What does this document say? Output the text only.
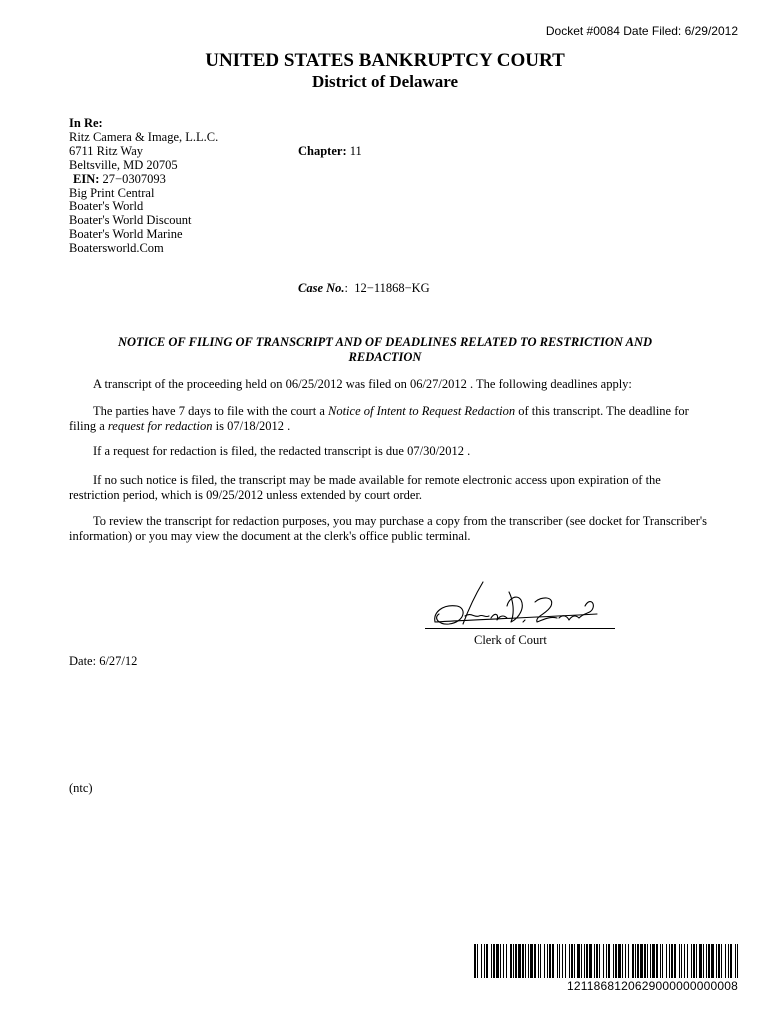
Docket #0084 Date Filed: 6/29/2012
UNITED STATES BANKRUPTCY COURT
District of Delaware
In Re:
Ritz Camera & Image, L.L.C.
6711 Ritz Way
Beltsville, MD 20705
EIN: 27−0307093
Big Print Central
Boater's World
Boater's World Discount
Boater's World Marine
Boatersworld.Com
Chapter: 11
Case No.:  12−11868−KG
NOTICE OF FILING OF TRANSCRIPT AND OF DEADLINES RELATED TO RESTRICTION AND REDACTION
A transcript of the proceeding held on 06/25/2012 was filed on 06/27/2012 . The following deadlines apply:
The parties have 7 days to file with the court a Notice of Intent to Request Redaction of this transcript. The deadline for filing a request for redaction is 07/18/2012 .
If a request for redaction is filed, the redacted transcript is due 07/30/2012 .
If no such notice is filed, the transcript may be made available for remote electronic access upon expiration of the restriction period, which is 09/25/2012 unless extended by court order.
To review the transcript for redaction purposes, you may purchase a copy from the transcriber (see docket for Transcriber's information) or you may view the document at the clerk's office public terminal.
Clerk of Court
Date: 6/27/12
(ntc)
1211868120629000000000008
